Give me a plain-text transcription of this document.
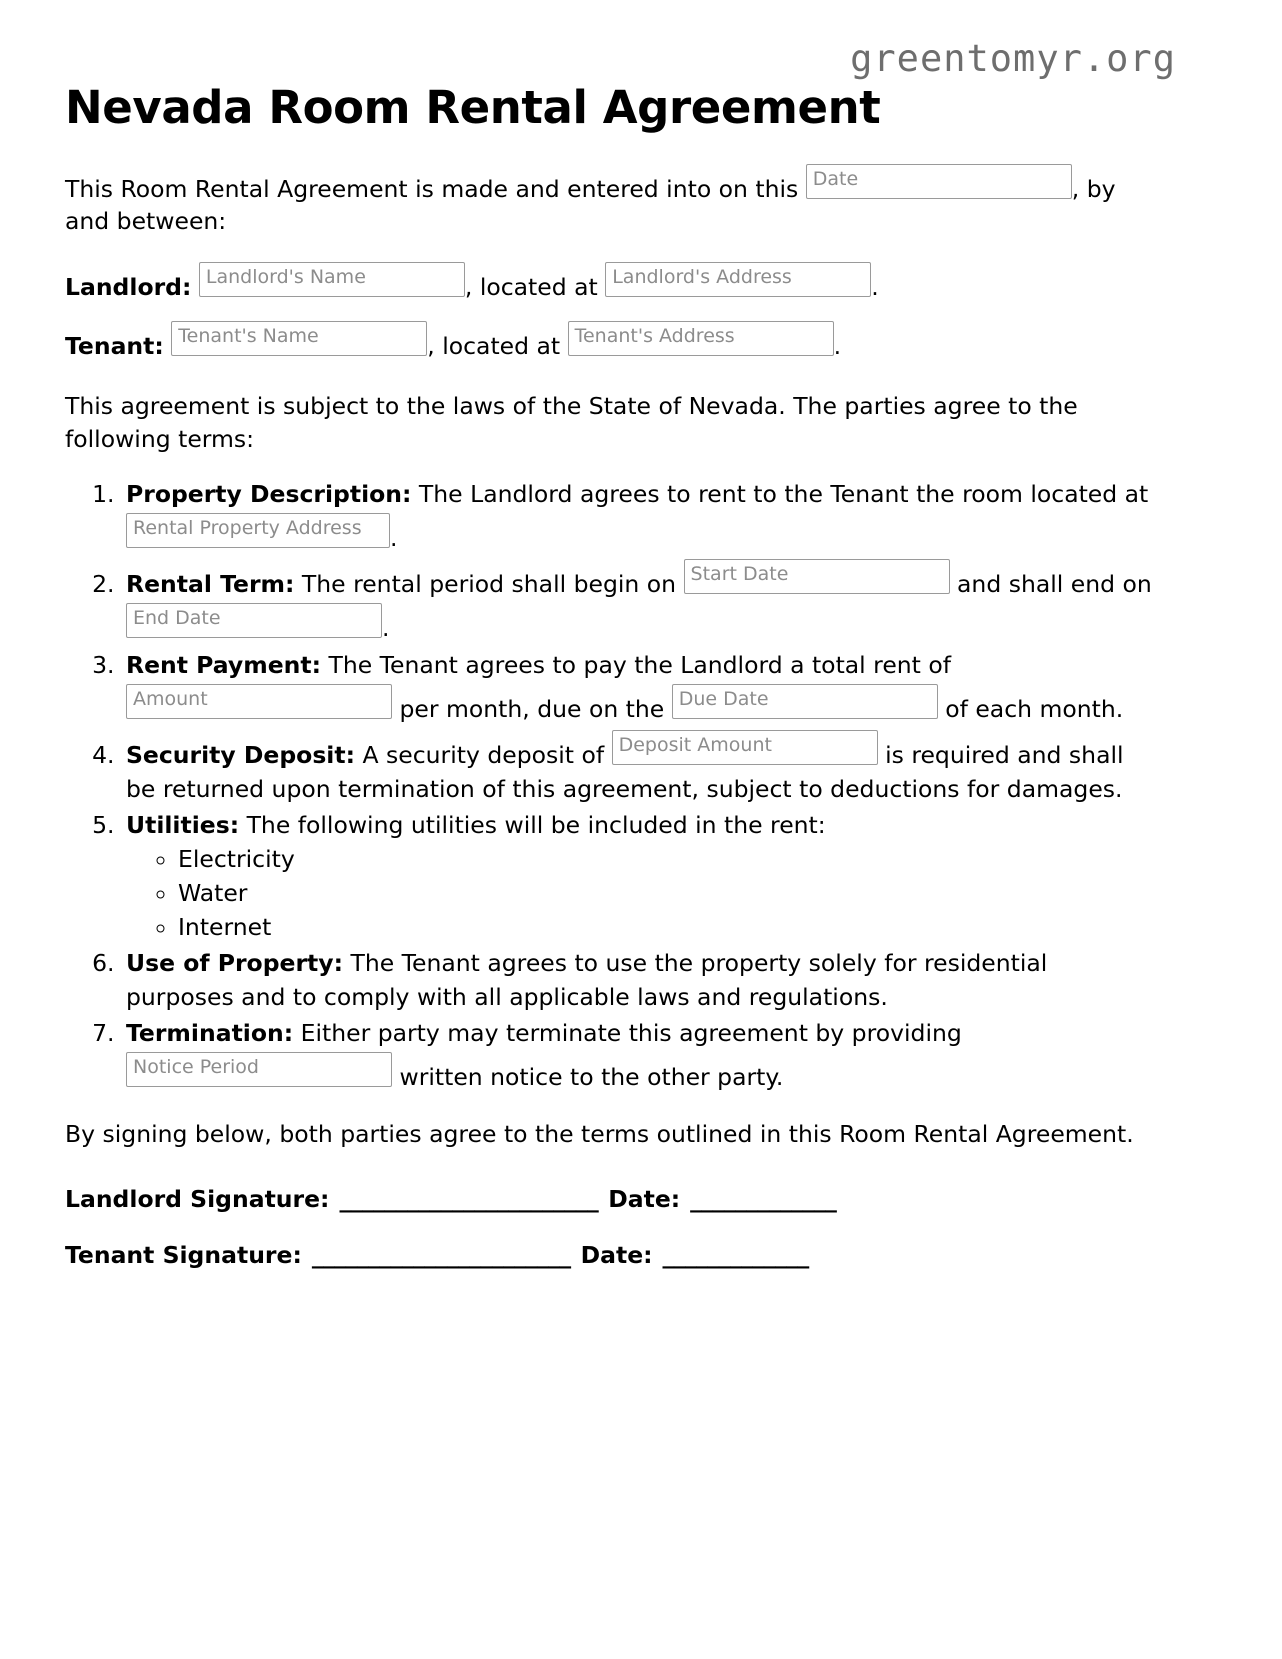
greentomyr.org
Nevada Room Rental Agreement

This Room Rental Agreement is made and entered into on this Date	, by and between:

Landlord: Landlord's Name	, located at Landlord's Address	.

Tenant: Tenant's Name	, located at Tenant's Address	.

This agreement is subject to the laws of the State of Nevada. The parties agree to the following terms:

1. Property Description: The Landlord agrees to rent to the Tenant the room located at Rental Property Address .
2. Rental Term: The rental period shall begin on Start Date	and shall end on End Date	.
3. Rent Payment: The Tenant agrees to pay the Landlord a total rent of Amount	per month, due on the Due Date	of each month.
4. Security Deposit: A security deposit of Deposit Amount	is required and shall be returned upon termination of this agreement, subject to deductions for damages.
5. Utilities: The following utilities will be included in the rent:
◦ Electricity
◦ Water
◦ Internet
6. Use of Property: The Tenant agrees to use the property solely for residential purposes and to comply with all applicable laws and regulations.
7. Termination: Either party may terminate this agreement by providing Notice Period	written notice to the other party.

By signing below, both parties agree to the terms outlined in this Room Rental Agreement.

Landlord Signature: _______________________ Date: _____________
Tenant Signature: _______________________ Date: _____________
